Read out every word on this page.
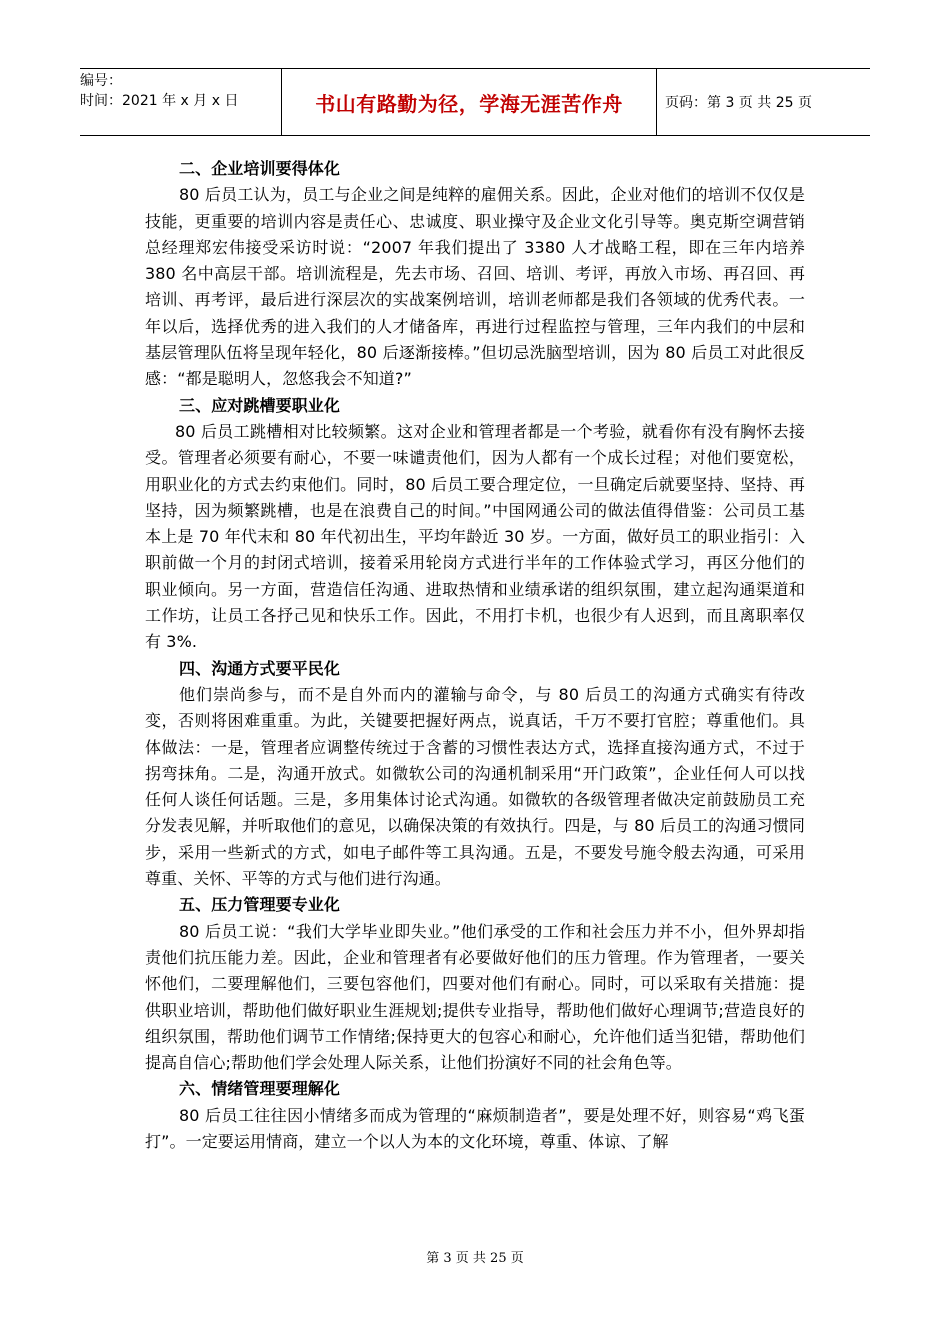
编号：
时间：2021 年 x 月 x 日	书山有路勤为径，学海无涯苦作舟	页码：第 3 页 共 25 页

二、企业培训要得体化

80 后员工认为，员工与企业之间是纯粹的雇佣关系。因此，企业对他们的培训不仅仅是技能，更重要的培训内容是责任心、忠诚度、职业操守及企业文化引导等。奥克斯空调营销总经理郑宏伟接受采访时说：“2007 年我们提出了 3380 人才战略工程，即在三年内培养 380 名中高层干部。培训流程是，先去市场、召回、培训、考评，再放入市场、再召回、再培训、再考评，最后进行深层次的实战案例培训，培训老师都是我们各领域的优秀代表。一年以后，选择优秀的进入我们的人才储备库，再进行过程监控与管理，三年内我们的中层和基层管理队伍将呈现年轻化，80 后逐渐接棒。”但切忌洗脑型培训，因为 80 后员工对此很反感：“都是聪明人，忽悠我会不知道?”

三、应对跳槽要职业化

80 后员工跳槽相对比较频繁。这对企业和管理者都是一个考验，就看你有没有胸怀去接受。管理者必须要有耐心，不要一味谴责他们，因为人都有一个成长过程；对他们要宽松，用职业化的方式去约束他们。同时，80 后员工要合理定位，一旦确定后就要坚持、坚持、再坚持，因为频繁跳槽，也是在浪费自己的时间。”中国网通公司的做法值得借鉴：公司员工基本上是 70 年代末和 80 年代初出生，平均年龄近 30 岁。一方面，做好员工的职业指引：入职前做一个月的封闭式培训，接着采用轮岗方式进行半年的工作体验式学习，再区分他们的职业倾向。另一方面，营造信任沟通、进取热情和业绩承诺的组织氛围，建立起沟通渠道和工作坊，让员工各抒己见和快乐工作。因此，不用打卡机，也很少有人迟到，而且离职率仅有 3%.

四、沟通方式要平民化

他们崇尚参与，而不是自外而内的灌输与命令，与 80 后员工的沟通方式确实有待改变，否则将困难重重。为此，关键要把握好两点，说真话，千万不要打官腔；尊重他们。具体做法：一是，管理者应调整传统过于含蓄的习惯性表达方式，选择直接沟通方式，不过于拐弯抹角。二是，沟通开放式。如微软公司的沟通机制采用“开门政策”，企业任何人可以找任何人谈任何话题。三是，多用集体讨论式沟通。如微软的各级管理者做决定前鼓励员工充分发表见解，并听取他们的意见，以确保决策的有效执行。四是，与 80 后员工的沟通习惯同步，采用一些新式的方式，如电子邮件等工具沟通。五是，不要发号施令般去沟通，可采用尊重、关怀、平等的方式与他们进行沟通。

五、压力管理要专业化

80 后员工说：“我们大学毕业即失业。”他们承受的工作和社会压力并不小，但外界却指责他们抗压能力差。因此，企业和管理者有必要做好他们的压力管理。作为管理者，一要关怀他们，二要理解他们，三要包容他们，四要对他们有耐心。同时，可以采取有关措施：提供职业培训，帮助他们做好职业生涯规划;提供专业指导，帮助他们做好心理调节;营造良好的组织氛围，帮助他们调节工作情绪;保持更大的包容心和耐心，允许他们适当犯错，帮助他们提高自信心;帮助他们学会处理人际关系，让他们扮演好不同的社会角色等。

六、情绪管理要理解化

80 后员工往往因小情绪多而成为管理的“麻烦制造者”，要是处理不好，则容易“鸡飞蛋打”。一定要运用情商，建立一个以人为本的文化环境，尊重、体谅、了解

第 3 页 共 25 页
